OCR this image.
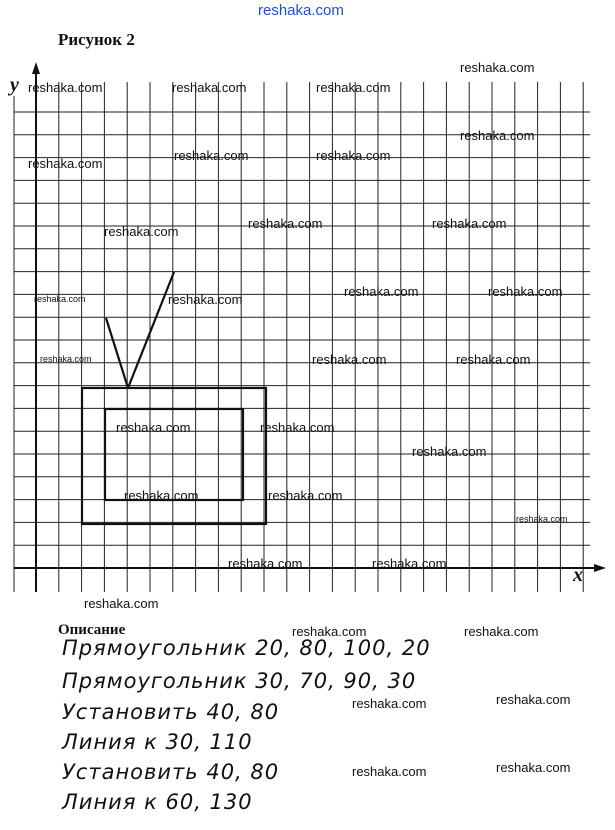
reshaka.com
Рисунок 2
y
x
reshaka.com	reshaka.com	reshaka.com
reshaka.com
reshaka.com
reshaka.com
reshaka.com	reshaka.com
reshaka.com	reshaka.com
reshaka.com
reshaka.com	reshaka.com
reshaka.com	reshaka.com
reshaka.com	reshaka.com	reshaka.com
reshaka.com	reshaka.com
reshaka.com
reshaka.com	reshaka.com
reshaka.com
reshaka.com	reshaka.com
reshaka.com
reshaka.com	reshaka.com
reshaka.com	reshaka.com
reshaka.com	reshaka.com
Описание
Прямоугольник 20, 80, 100, 20
Прямоугольник 30, 70, 90, 30
Установить 40, 80
Линия к 30, 110
Установить 40, 80
Линия к 60, 130
